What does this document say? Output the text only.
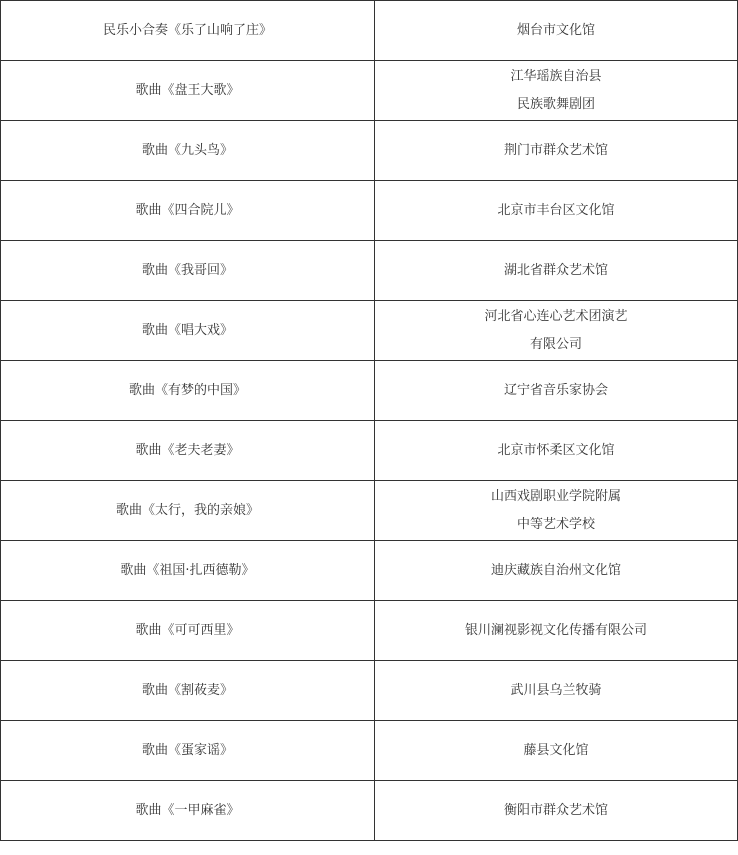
民乐小合奏《乐了山响了庄》	烟台市文化馆

歌曲《盘王大歌》	江华瑶族自治县
民族歌舞剧团

歌曲《九头鸟》	荆门市群众艺术馆

歌曲《四合院儿》	北京市丰台区文化馆

歌曲《我哥回》	湖北省群众艺术馆

歌曲《唱大戏》	河北省心连心艺术团演艺
有限公司

歌曲《有梦的中国》	辽宁省音乐家协会

歌曲《老夫老妻》	北京市怀柔区文化馆

歌曲《太行，我的亲娘》	山西戏剧职业学院附属
中等艺术学校

歌曲《祖国·扎西德勒》	迪庆藏族自治州文化馆

歌曲《可可西里》	银川澜视影视文化传播有限公司

歌曲《割莜麦》	武川县乌兰牧骑

歌曲《蛋家谣》	藤县文化馆

歌曲《一甲麻雀》	衡阳市群众艺术馆
